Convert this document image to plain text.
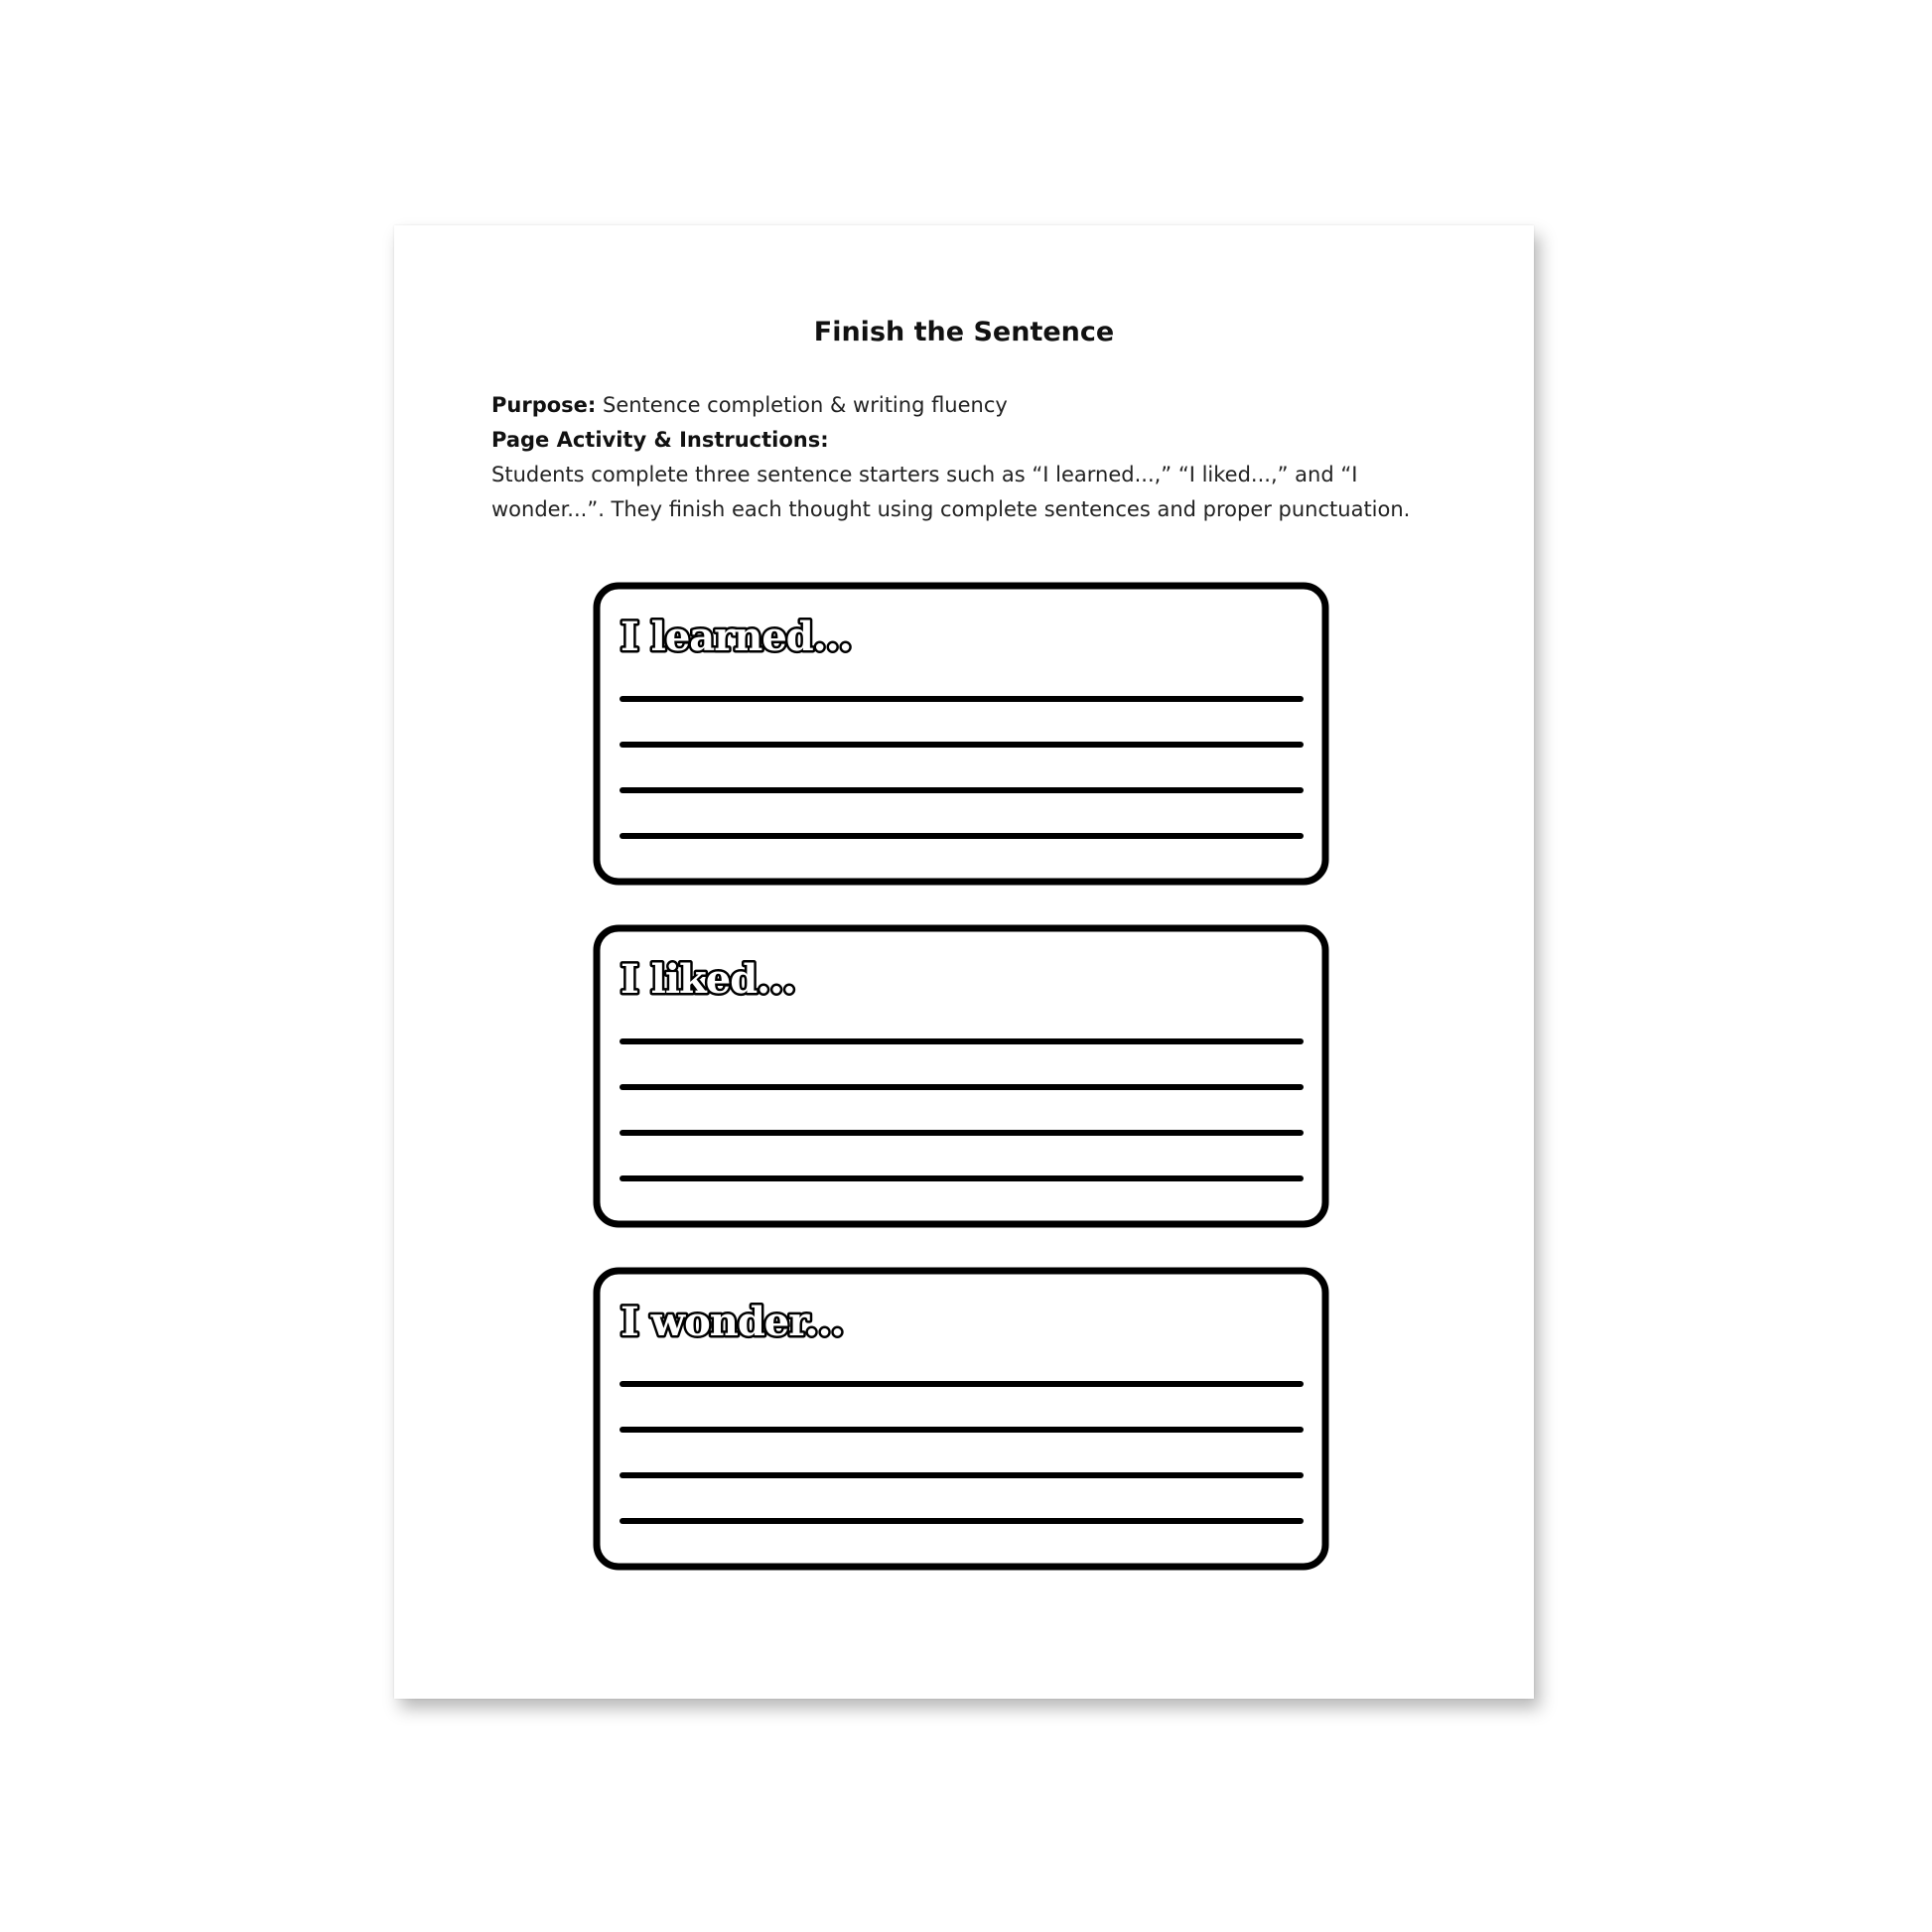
Finish the Sentence
Purpose: Sentence completion & writing fluency
Page Activity & Instructions:
Students complete three sentence starters such as “I learned...,” “I liked...,” and “I wonder...”. They finish each thought using complete sentences and proper punctuation.
I learned...
I liked...
I wonder...
